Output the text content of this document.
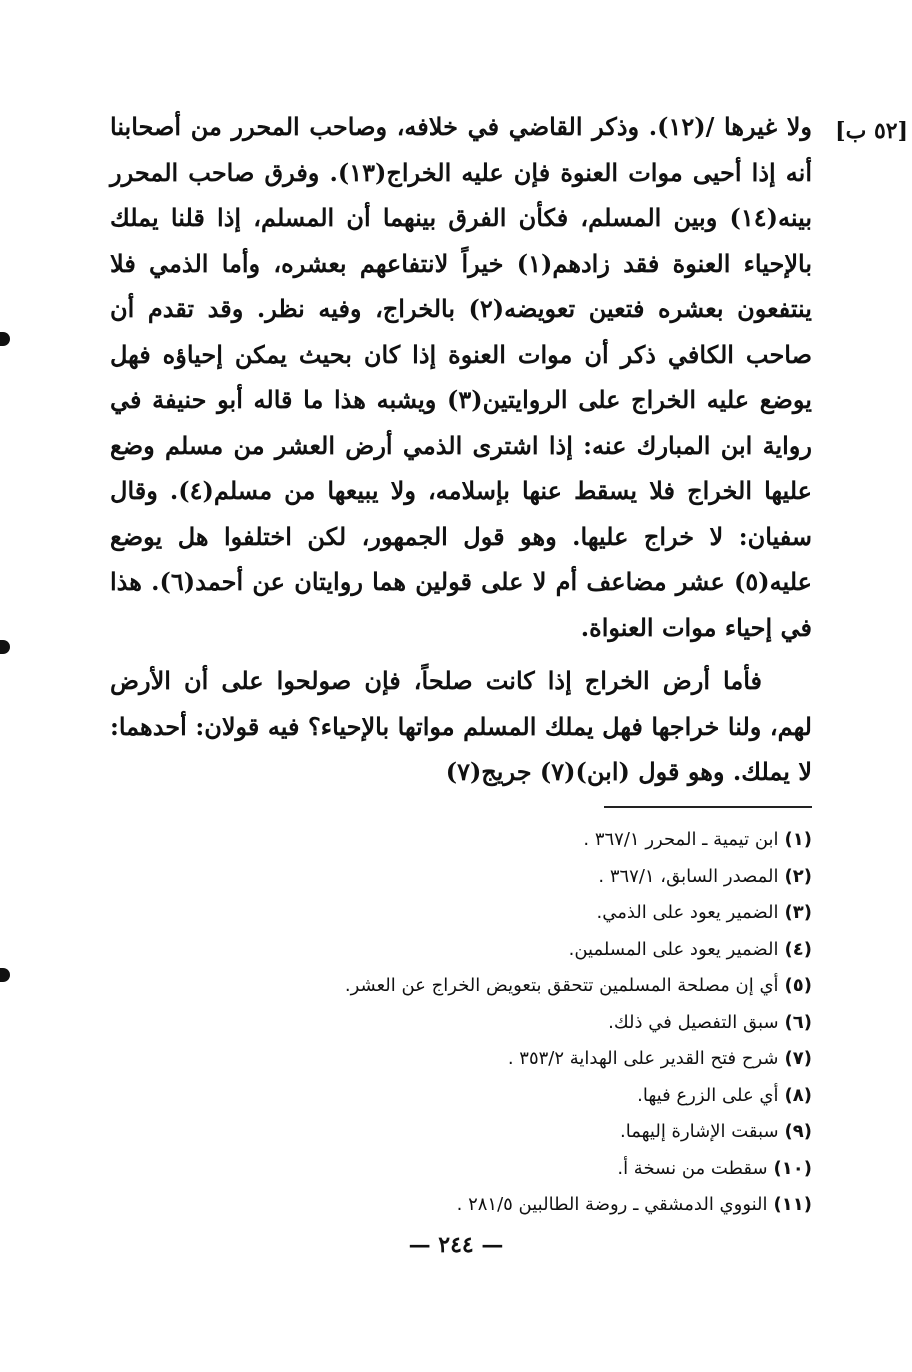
[٥٢ ب]

ولا غيرها /(١٢). وذكر القاضي في خلافه، وصاحب المحرر من أصحابنا أنه إذا أحيى موات العنوة فإن عليه الخراج(١٣). وفرق صاحب المحرر بينه(١٤) وبين المسلم، فكأن الفرق بينهما أن المسلم، إذا قلنا يملك بالإحياء العنوة فقد زادهم(١) خيراً لانتفاعهم بعشره، وأما الذمي فلا ينتفعون بعشره فتعين تعويضه(٢) بالخراج، وفيه نظر. وقد تقدم أن صاحب الكافي ذكر أن موات العنوة إذا كان بحيث يمكن إحياؤه فهل يوضع عليه الخراج على الروايتين(٣) ويشبه هذا ما قاله أبو حنيفة في رواية ابن المبارك عنه: إذا اشترى الذمي أرض العشر من مسلم وضع عليها الخراج فلا يسقط عنها بإسلامه، ولا يبيعها من مسلم(٤). وقال سفيان: لا خراج عليها. وهو قول الجمهور، لكن اختلفوا هل يوضع عليه(٥) عشر مضاعف أم لا على قولين هما روايتان عن أحمد(٦). هذا في إحياء موات العنواة.

فأما أرض الخراج إذا كانت صلحاً، فإن صولحوا على أن الأرض لهم، ولنا خراجها فهل يملك المسلم مواتها بالإحياء؟ فيه قولان: أحدهما: لا يملك. وهو قول (ابن)(٧) جريج(٧)

(١)ابن تيمية ـ المحرر ٣٦٧/١ .
(٢)المصدر السابق، ٣٦٧/١ .
(٣)الضمير يعود على الذمي.
(٤)الضمير يعود على المسلمين.
(٥)أي إن مصلحة المسلمين تتحقق بتعويض الخراج عن العشر.
(٦)سبق التفصيل في ذلك.
(٧)شرح فتح القدير على الهداية ٣٥٣/٢ .
(٨)أي على الزرع فيها.
(٩)سبقت الإشارة إليهما.
(١٠)سقطت من نسخة أ.
(١١)النووي الدمشقي ـ روضة الطالبين ٢٨١/٥ .
— ٢٤٤ —
